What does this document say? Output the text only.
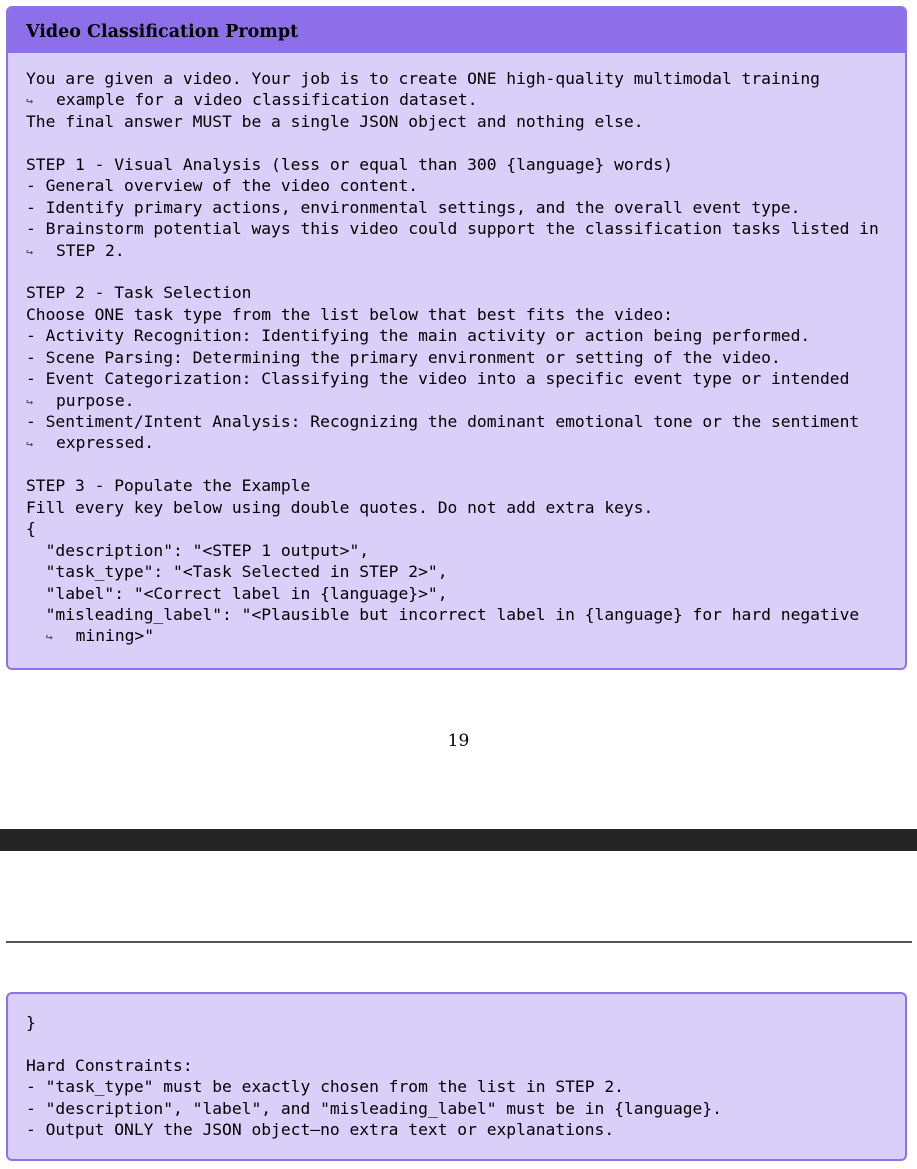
Video Classification Prompt
You are given a video. Your job is to create ONE high-quality multimodal training
↪ example for a video classification dataset.
The final answer MUST be a single JSON object and nothing else.
STEP 1 - Visual Analysis (less or equal than 300 {language} words)
- General overview of the video content.
- Identify primary actions, environmental settings, and the overall event type.
- Brainstorm potential ways this video could support the classification tasks listed in
↪ STEP 2.
STEP 2 - Task Selection
Choose ONE task type from the list below that best fits the video:
- Activity Recognition: Identifying the main activity or action being performed.
- Scene Parsing: Determining the primary environment or setting of the video.
- Event Categorization: Classifying the video into a specific event type or intended
↪ purpose.
- Sentiment/Intent Analysis: Recognizing the dominant emotional tone or the sentiment
↪ expressed.
STEP 3 - Populate the Example
Fill every key below using double quotes. Do not add extra keys.
{
"description": "<STEP 1 output>",
"task_type": "<Task Selected in STEP 2>",
"label": "<Correct label in {language}>",
"misleading_label": "<Plausible but incorrect label in {language} for hard negative
↪ mining>"
19
}
Hard Constraints:
- "task_type" must be exactly chosen from the list in STEP 2.
- "description", "label", and "misleading_label" must be in {language}.
- Output ONLY the JSON object—no extra text or explanations.
